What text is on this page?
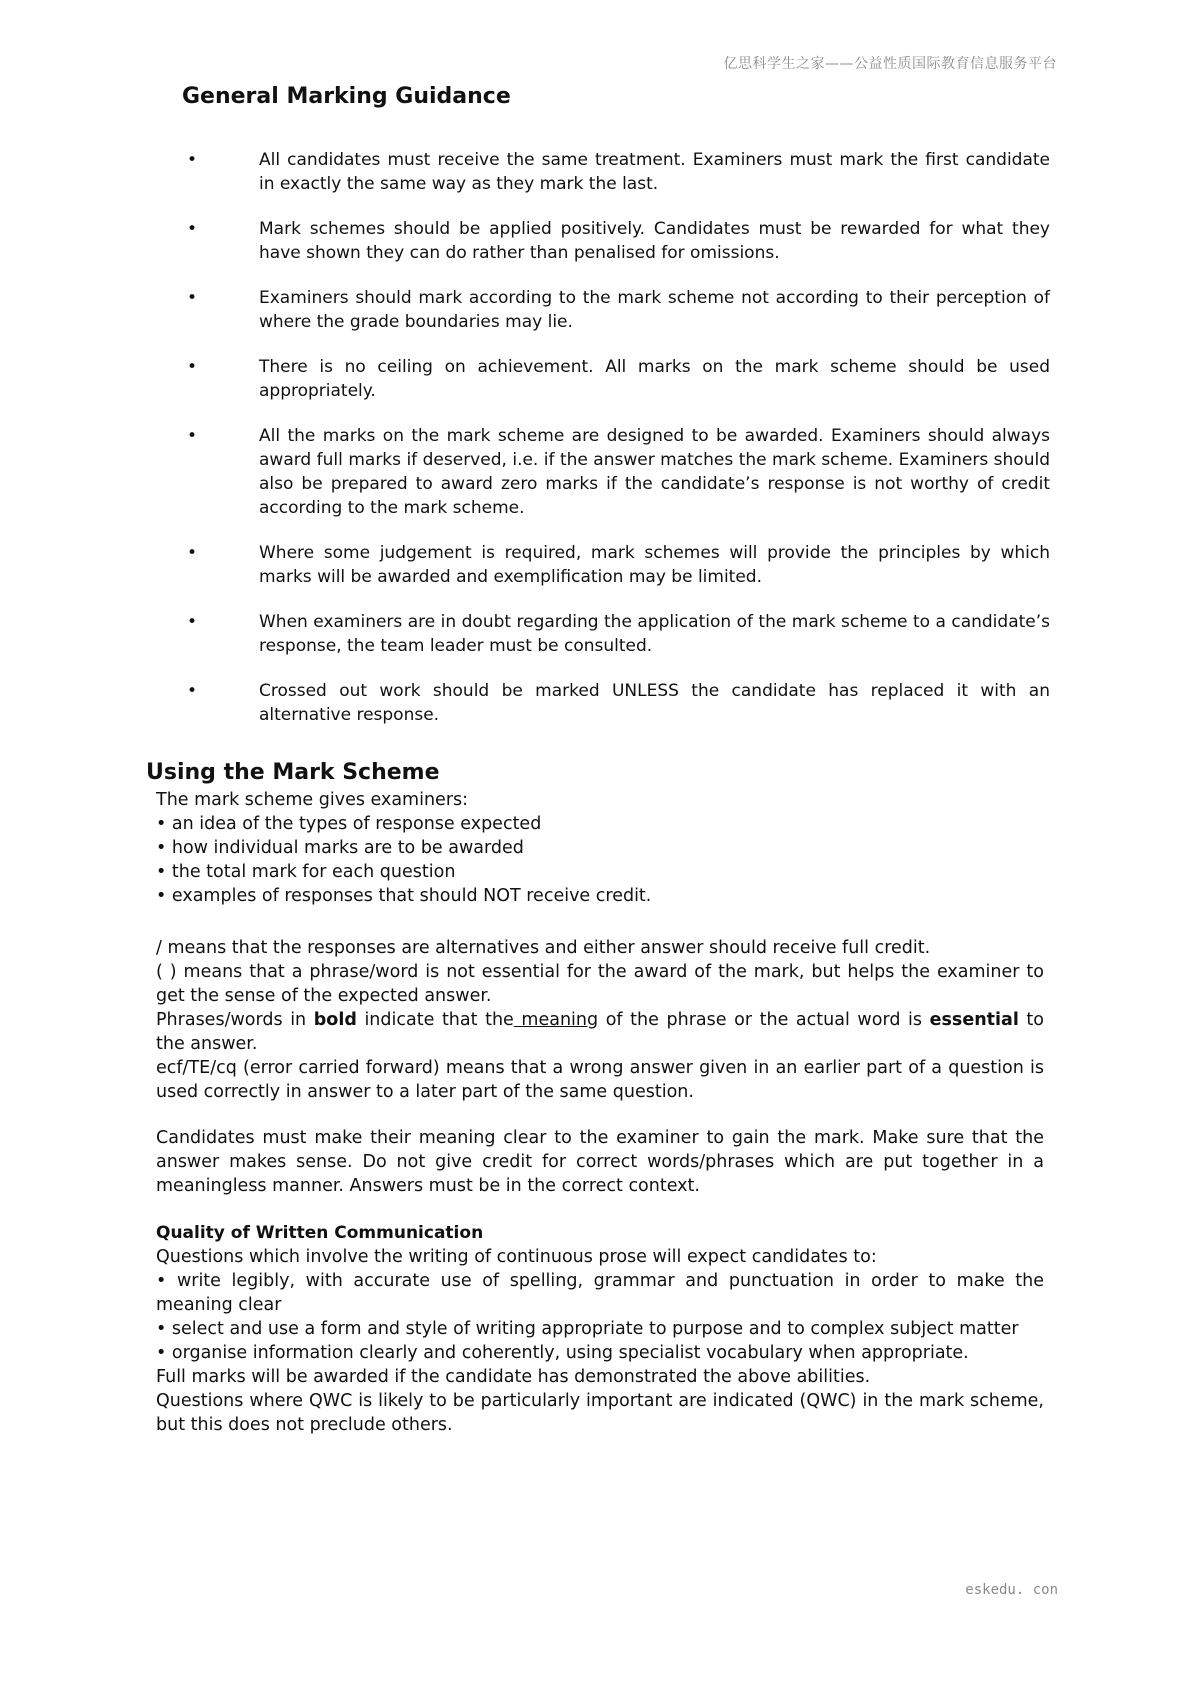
亿思科学生之家——公益性质国际教育信息服务平台
General Marking Guidance
•	All candidates must receive the same treatment. Examiners must mark the first candidate in exactly the same way as they mark the last.
•	Mark schemes should be applied positively. Candidates must be rewarded for what they have shown they can do rather than penalised for omissions.
•	Examiners should mark according to the mark scheme not according to their perception of where the grade boundaries may lie.
•	There is no ceiling on achievement. All marks on the mark scheme should be used appropriately.
•	All the marks on the mark scheme are designed to be awarded. Examiners should always award full marks if deserved, i.e. if the answer matches the mark scheme. Examiners should also be prepared to award zero marks if the candidate’s response is not worthy of credit according to the mark scheme.
•	Where some judgement is required, mark schemes will provide the principles by which marks will be awarded and exemplification may be limited.
•	When examiners are in doubt regarding the application of the mark scheme to a candidate’s response, the team leader must be consulted.
•	Crossed out work should be marked UNLESS the candidate has replaced it with an alternative response.
Using the Mark Scheme

The mark scheme gives examiners:

• an idea of the types of response expected

• how individual marks are to be awarded

• the total mark for each question

• examples of responses that should NOT receive credit.

/ means that the responses are alternatives and either answer should receive full credit.

( ) means that a phrase/word is not essential for the award of the mark, but helps the examiner to get the sense of the expected answer.

Phrases/words in bold indicate that the meaning of the phrase or the actual word is essential to the answer.

ecf/TE/cq (error carried forward) means that a wrong answer given in an earlier part of a question is used correctly in answer to a later part of the same question.

Candidates must make their meaning clear to the examiner to gain the mark. Make sure that the answer makes sense. Do not give credit for correct words/phrases which are put together in a meaningless manner. Answers must be in the correct context.

Quality of Written Communication

Questions which involve the writing of continuous prose will expect candidates to:

• write legibly, with accurate use of spelling, grammar and punctuation in order to make the meaning clear

• select and use a form and style of writing appropriate to purpose and to complex subject matter

• organise information clearly and coherently, using specialist vocabulary when appropriate.

Full marks will be awarded if the candidate has demonstrated the above abilities.

Questions where QWC is likely to be particularly important are indicated (QWC) in the mark scheme, but this does not preclude others.

eskedu. con
